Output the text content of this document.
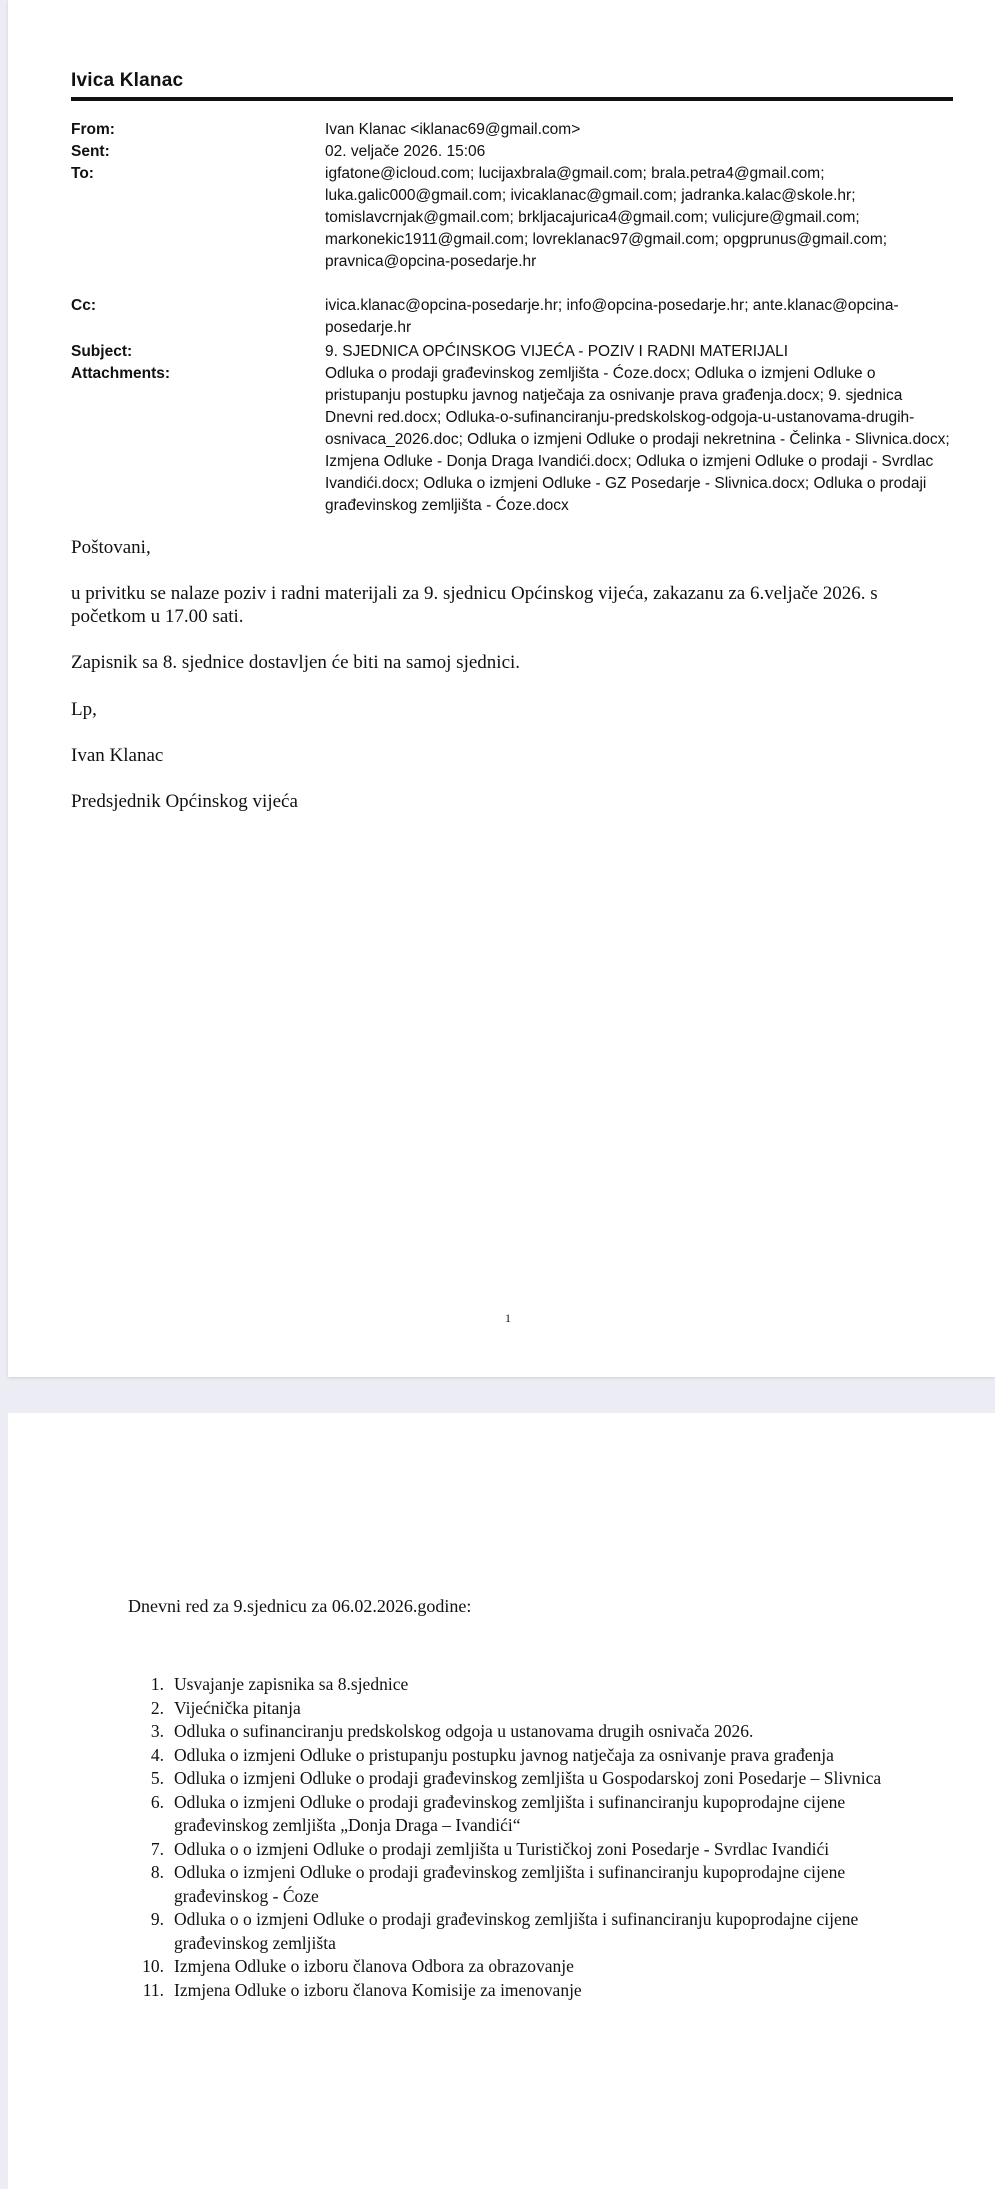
Ivica Klanac
From:	Ivan Klanac <iklanac69@gmail.com>
Sent:	02. veljače 2026. 15:06
To:	igfatone@icloud.com; lucijaxbrala@gmail.com; brala.petra4@gmail.com; luka.galic000@gmail.com; ivicaklanac@gmail.com; jadranka.kalac@skole.hr; tomislavcrnjak@gmail.com; brkljacajurica4@gmail.com; vulicjure@gmail.com; markonekic1911@gmail.com; lovreklanac97@gmail.com; opgprunus@gmail.com; pravnica@opcina-posedarje.hr
Cc:	ivica.klanac@opcina-posedarje.hr; info@opcina-posedarje.hr; ante.klanac@opcina-posedarje.hr
Subject:	9. SJEDNICA OPĆINSKOG VIJEĆA - POZIV I RADNI MATERIJALI
Attachments:	Odluka o prodaji građevinskog zemljišta - Ćoze.docx; Odluka o izmjeni Odluke o pristupanju postupku javnog natječaja za osnivanje prava građenja.docx; 9. sjednica Dnevni red.docx; Odluka-o-sufinanciranju-predskolskog-odgoja-u-ustanovama-drugih-osnivaca_2026.doc; Odluka o izmjeni Odluke o prodaji nekretnina - Čelinka - Slivnica.docx; Izmjena Odluke - Donja Draga Ivandići.docx; Odluka o izmjeni Odluke o prodaji - Svrdlac Ivandići.docx; Odluka o izmjeni Odluke - GZ Posedarje - Slivnica.docx; Odluka o prodaji građevinskog zemljišta - Ćoze.docx
Poštovani,
u privitku se nalaze poziv i radni materijali za 9. sjednicu Općinskog vijeća, zakazanu za 6.veljače 2026. s početkom u 17.00 sati.
Zapisnik sa 8. sjednice dostavljen će biti na samoj sjednici.
Lp,
Ivan Klanac
Predsjednik Općinskog vijeća
1
Dnevni red za 9.sjednicu za 06.02.2026.godine:
1. Usvajanje zapisnika sa 8.sjednice
2. Vijećnička pitanja
3. Odluka o sufinanciranju predskolskog odgoja u ustanovama drugih osnivača 2026.
4. Odluka o izmjeni Odluke o pristupanju postupku javnog natječaja za osnivanje prava građenja
5. Odluka o izmjeni Odluke o prodaji građevinskog zemljišta u Gospodarskoj zoni Posedarje – Slivnica
6. Odluka o izmjeni Odluke o prodaji građevinskog zemljišta i sufinanciranju kupoprodajne cijene građevinskog zemljišta „Donja Draga – Ivandići“
7. Odluka o o izmjeni Odluke o prodaji zemljišta u Turističkoj zoni Posedarje - Svrdlac Ivandići
8. Odluka o izmjeni Odluke o prodaji građevinskog zemljišta i sufinanciranju kupoprodajne cijene građevinskog - Ćoze
9. Odluka o o izmjeni Odluke o prodaji građevinskog zemljišta i sufinanciranju kupoprodajne cijene građevinskog zemljišta
10. Izmjena Odluke o izboru članova Odbora za obrazovanje
11. Izmjena Odluke o izboru članova Komisije za imenovanje
